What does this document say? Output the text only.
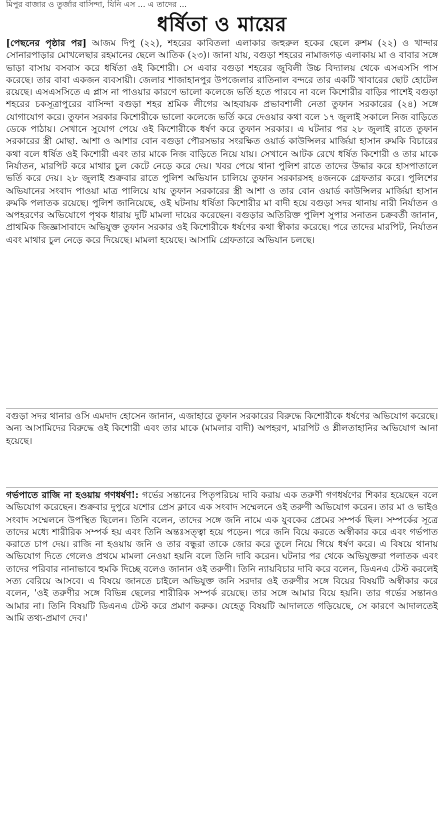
মিপুর বাজার ও তুর্জার বাসিন্দা, যিনি এস ... এ তাদের ...
ধর্ষিতা ও মায়ের

[পেছনের পৃষ্ঠার পর] আজম দিপু (২২), শহরের কাবিতলা এলাকার জহুরুল হকের ছেলে রুশম (২২) ও খান্দার সোনারপাড়ার মোখলেছার রহমানের ছেলে আতিক (২৩)। জানা যায়, বগুড়া শহরের নামাজগড় এলাকায় মা ও বাবার সঙ্গে ভাড়া বাসায় বসবাস করে ধর্ষিতা ওই কিশোরী। সে এবার বগুড়া শহরের জুবিলী উচ্চ বিদ্যালয় থেকে এসএসসি পাস করেছে। তার বাবা একজন ব্যবসায়ী। জেলার শাজাহানপুর উপজেলার রাতিনাল বন্দরে তার একটি খাবারের ছোট হোটেল রয়েছে। এসএসসিতে এ প্লাস না পাওয়ার কারণে ভালো কলেজে ভর্তি হতে পারবে না বলে কিশোরীর বাড়ির পাশেই বগুড়া শহরের চকসূত্রাপুরের বাসিন্দা বগুড়া শহর শ্রমিক লীগের আহবায়ক প্রভাবশালী নেতা তুফান সরকারের (২৪) সঙ্গে যোগাযোগ করে। তুফান সরকার কিশোরীকে ভালো কলেজে ভর্তি করে দেওয়ার কথা বলে ১৭ জুলাই সকালে নিজ বাড়িতে ডেকে পাঠায়। সেখানে সুযোগ পেয়ে ওই কিশোরীকে ধর্ষণ করে তুফান সরকার। এ ঘটনার পর ২৮ জুলাই রাতে তুফান সরকারের স্ত্রী মোছা. আশা ও আশার বোন বগুড়া পৌরসভার সংরক্ষিত ওয়ার্ড কাউন্সিলর মার্জিয়া হাসান রুমকি বিচারের কথা বলে ধর্ষিত ওই কিশোরী এবং তার মাকে নিজ বাড়িতে নিয়ে যায়। সেখানে আটক রেখে ধর্ষিত কিশোরী ও তার মাকে নির্যাতন, মারপিট করে মাথার চুল কেটে নেড়ে করে দেয়। খবর পেয়ে থানা পুলিশ রাতে তাদের উদ্ধার করে হাসপাতালে ভর্তি করে দেয়। ২৮ জুলাই শুক্রবার রাতে পুলিশ অভিযান চালিয়ে তুফান সরকারসহ ৪জনকে গ্রেফতার করে। পুলিশের অভিযানের সংবাদ পাওয়া মাত্র পালিয়ে যায় তুফান সরকারের স্ত্রী আশা ও তার বোন ওয়ার্ড কাউন্সিলর মার্জিয়া হাসান রুমকি পলাতক রয়েছে। পুলিশ জানিয়েছে, ওই ঘটনায় ধর্ষিতা কিশোরীর মা বাদী হয়ে বগুড়া সদর থানায় নারী নির্যাতন ও অপহরণের অভিযোগে পৃথক ধারায় দুটি মামলা দায়ের করেছেন। বগুড়ার অতিরিক্ত পুলিশ সুপার সনাতন চক্রবর্তী জানান, প্রাথমিক জিজ্ঞাসাবাদে অভিযুক্ত তুফান সরকার ওই কিশোরীকে ধর্ষণের কথা স্বীকার করেছে। পরে তাদের মারপিট, নির্যাতন এবং মাথার চুল নেড়ে করে দিয়েছে। মামলা হয়েছে। আসামি গ্রেফতারে অভিযান চলছে।

বগুড়া সদর থানার ওসি এমদাদ হোসেন জানান, এজাহারে তুফান সরকারের বিরুদ্ধে কিশোরীকে ধর্ষণের অভিযোগ করেছে। অন্য আসামিদের বিরুদ্ধে ওই কিশোরী এবং তার মাকে (মামলার বাদী) অপহরণ, মারপিট ও শ্লীলতাহানির অভিযোগ আনা হয়েছে।

গর্ভপাতে রাজি না হওয়ায় গণধর্ষণ!: গর্ভের সন্তানের পিতৃপরিচয় দাবি করায় এক তরুণী গণধর্ষণের শিকার হয়েছেন বলে অভিযোগ করেছেন। শুক্রবার দুপুরে যশোর প্রেস ক্লাবে এক সংবাদ সম্মেলনে ওই তরুণী অভিযোগ করেন। তার মা ও ভাইও সংবাদ সম্মেলনে উপস্থিত ছিলেন। তিনি বলেন, তাদের সঙ্গে জনি নামে এক যুবকের প্রেমের সম্পর্ক ছিল। সম্পর্কের সূত্রে তাদের মধ্যে শারীরিক সম্পর্ক হয় এবং তিনি অন্তঃসত্ত্বা হয়ে পড়েন। পরে জনি বিয়ে করতে অস্বীকার করে এবং গর্ভপাত করাতে চাপ দেয়। রাজি না হওয়ায় জনি ও তার বন্ধুরা তাকে জোর করে তুলে নিয়ে গিয়ে ধর্ষণ করে। এ বিষয়ে থানায় অভিযোগ দিতে গেলেও প্রথমে মামলা নেওয়া হয়নি বলে তিনি দাবি করেন। ঘটনার পর থেকে অভিযুক্তরা পলাতক এবং তাদের পরিবার নানাভাবে হুমকি দিচ্ছে বলেও জানান ওই তরুণী। তিনি ন্যায়বিচার দাবি করে বলেন, ডিএনএ টেস্ট করলেই সত্য বেরিয়ে আসবে। এ বিষয়ে জানতে চাইলে অভিযুক্ত জনি সরদার ওই তরুণীর সঙ্গে বিয়ের বিষয়টি অস্বীকার করে বলেন, 'ওই তরুণীর সঙ্গে বিভিন্ন ছেলের শারীরিক সম্পর্ক রয়েছে। তার সঙ্গে আমার বিয়ে হয়নি। তার গর্ভের সন্তানও আমার না। তিনি বিষয়টি ডিএনএ টেস্ট করে প্রমাণ করুক। যেহেতু বিষয়টি আদালতে গড়িয়েছে, সে কারণে আদালতেই আমি তথ্য-প্রমাণ দেব।'
